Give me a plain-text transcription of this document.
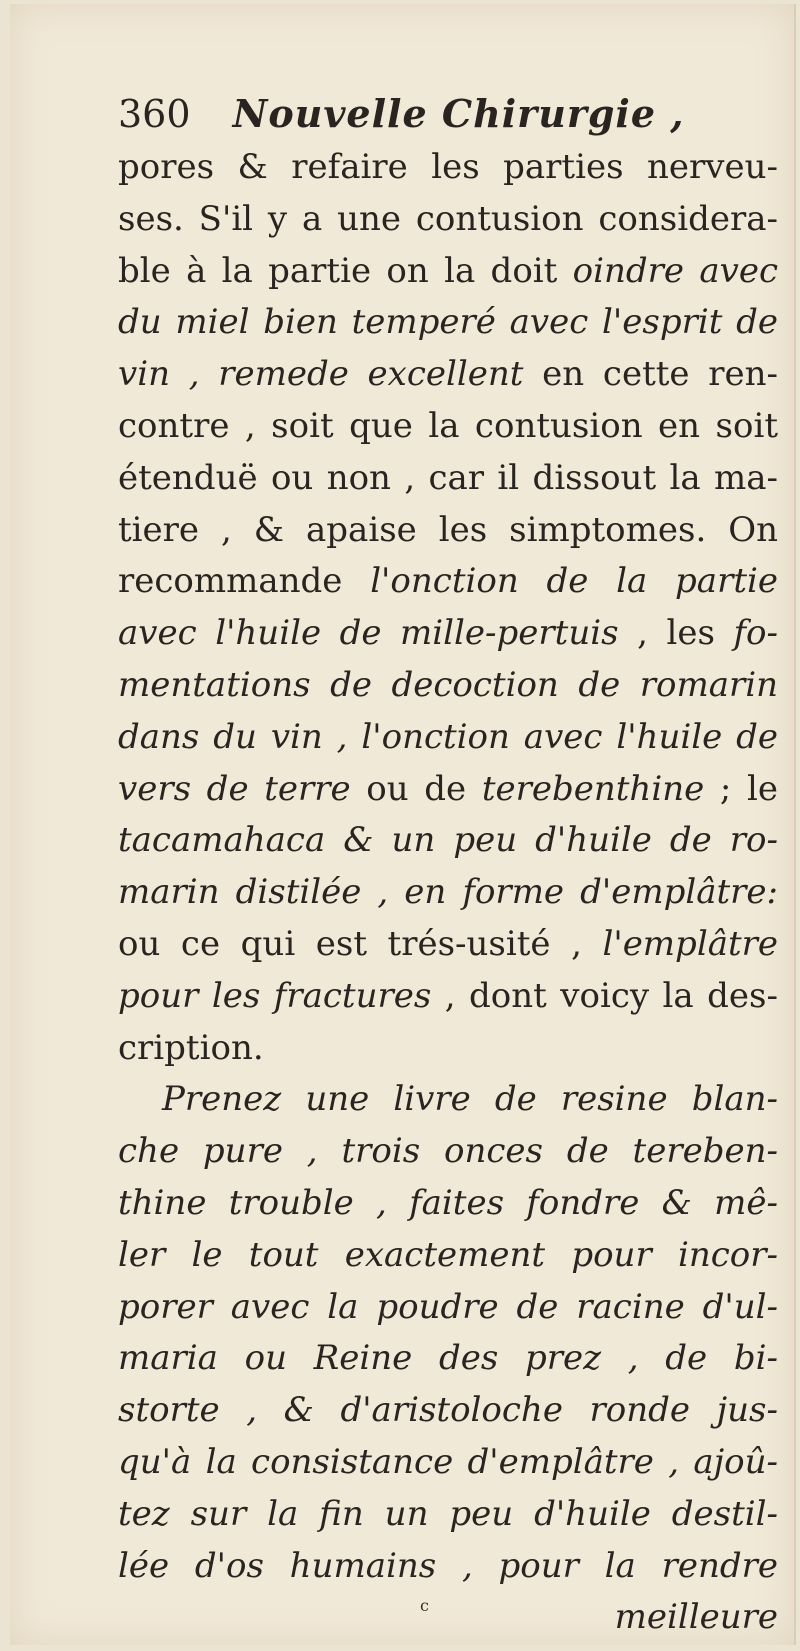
360 Nouvelle Chirurgie ,
pores & refaire les parties nerveu-
ses. S'il y a une contusion considera-
ble à la partie on la doit oindre avec
du miel bien temperé avec l'esprit de
vin , remede excellent en cette ren-
contre , soit que la contusion en soit
étenduë ou non , car il dissout la ma-
tiere , & apaise les simptomes. On
recommande l'onction de la partie
avec l'huile de mille-pertuis , les fo-
mentations de decoction de romarin
dans du vin , l'onction avec l'huile de
vers de terre ou de terebenthine ; le
tacamahaca & un peu d'huile de ro-
marin distilée , en forme d'emplâtre:
ou ce qui est trés-usité , l'emplâtre
pour les fractures , dont voicy la des-
cription.
Prenez une livre de resine blan-
che pure , trois onces de tereben-
thine trouble , faites fondre & mê-
ler le tout exactement pour incor-
porer avec la poudre de racine d'ul-
maria ou Reine des prez , de bi-
storte , & d'aristoloche ronde jus-
qu'à la consistance d'emplâtre , ajoû-
tez sur la fin un peu d'huile destil-
lée d'os humains , pour la rendre
meilleure
c
